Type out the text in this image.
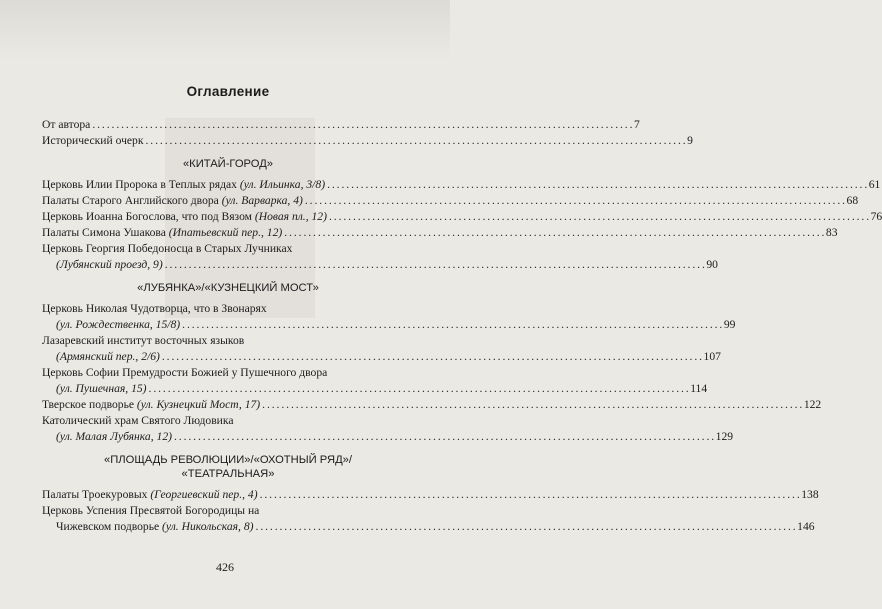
Оглавление
От автора . . .	7
Исторический очерк . . .	9

«КИТАЙ-ГОРОД»

Церковь Илии Пророка в Теплых рядах (ул. Ильинка, 3/8) . . .	61
Палаты Старого Английского двора (ул. Варварка, 4) . . .	68
Церковь Иоанна Богослова, что под Вязом (Новая пл., 12) . . .	76
Палаты Симона Ушакова (Ипатьевский пер., 12) . . .	83
Церковь Георгия Победоносца в Старых Лучниках
(Лубянский проезд, 9) . . .	90

«ЛУБЯНКА»/«КУЗНЕЦКИЙ МОСТ»

Церковь Николая Чудотворца, что в Звонарях
(ул. Рождественка, 15/8) . . .	99
Лазаревский институт восточных языков
(Армянский пер., 2/6) . . .	107
Церковь Софии Премудрости Божией у Пушечного двора
(ул. Пушечная, 15) . . .	114
Тверское подворье (ул. Кузнецкий Мост, 17) . . .	122
Католический храм Святого Людовика
(ул. Малая Лубянка, 12) . . .	129

«ПЛОЩАДЬ РЕВОЛЮЦИИ»/«ОХОТНЫЙ РЯД»/

«ТЕАТРАЛЬНАЯ»

Палаты Троекуровых (Георгиевский пер., 4) . . .	138
Церковь Успения Пресвятой Богородицы на
Чижевском подворье (ул. Никольская, 8) . . .	146
426
